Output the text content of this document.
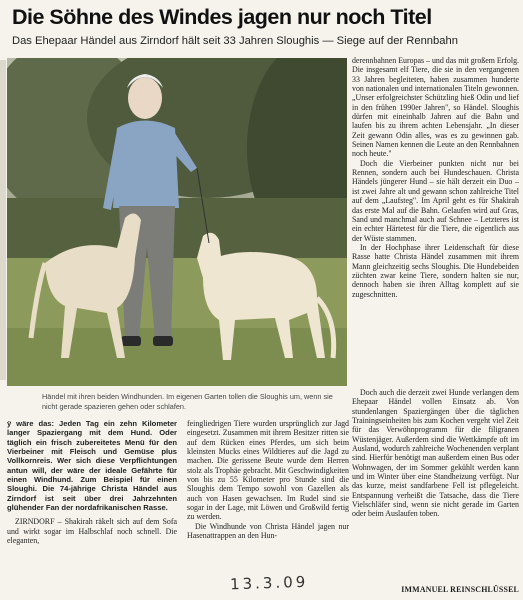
Die Söhne des Windes jagen nur noch Titel
Das Ehepaar Händel aus Zirndorf hält seit 33 Jahren Sloughis — Siege auf der Rennbahn
Händel mit ihren beiden Windhunden. Im eigenen Garten tollen die Sloughis um, wenn sie nicht gerade spazieren gehen oder schlafen.

derennbahnen Europas – und das mit großem Erfolg. Die insgesamt elf Tiere, die sie in den vergangenen 33 Jahren begleiteten, haben zusammen hunderte von nationalen und internationalen Titeln gewonnen. „Unser erfolgreichster Schützling hieß Odin und lief in den frühen 1990er Jahren", so Händel. Sloughis dürfen mit eineinhalb Jahren auf die Bahn und laufen bis zu ihrem achten Lebensjahr. „In dieser Zeit gewann Odin alles, was es zu gewinnen gab. Seinen Namen kennen die Leute an den Rennbahnen noch heute."

Doch die Vierbeiner punkten nicht nur bei Rennen, sondern auch bei Hundeschauen. Christa Händels jüngerer Hund – sie hält derzeit ein Duo – ist zwei Jahre alt und gewann schon zahlreiche Titel auf dem „Laufsteg". Im April geht es für Shakirah das erste Mal auf die Bahn. Gelaufen wird auf Gras, Sand und manchmal auch auf Schnee – Letzteres ist ein echter Härtetest für die Tiere, die eigentlich aus der Wüste stammen.

In der Hochphase ihrer Leidenschaft für diese Rasse hatte Christa Händel zusammen mit ihrem Mann gleichzeitig sechs Sloughis. Die Hundebeiden züchten zwar keine Tiere, sondern halten sie nur, dennoch haben sie ihren Alltag komplett auf sie zugeschnitten.

ÿ wäre das: Jeden Tag ein zehn Kilometer langer Spaziergang mit dem Hund. Oder täglich ein frisch zubereitetes Menü für den Vierbeiner mit Fleisch und Gemüse plus Vollkornreis. Wer sich diese Verpflichtungen antun will, der wäre der ideale Gefährte für einen Windhund. Zum Beispiel für einen Sloughi. Die 74-jährige Christa Händel aus Zirndorf ist seit über drei Jahrzehnten glühender Fan der nordafrikanischen Rasse.

ZIRNDORF – Shakirah räkelt sich auf dem Sofa und wirkt sogar im Halbschlaf noch schnell. Die eleganten,

feingliedrigen Tiere wurden ursprünglich zur Jagd eingesetzt. Zusammen mit ihrem Besitzer ritten sie auf dem Rücken eines Pferdes, um sich beim kleinsten Mucks eines Wildtieres auf die Jagd zu machen. Die gerissene Beute wurde dem Herren stolz als Trophäe gebracht. Mit Geschwindigkeiten von bis zu 55 Kilometer pro Stunde sind die Sloughis dem Tempo sowohl von Gazellen als auch von Hasen gewachsen. Im Rudel sind sie sogar in der Lage, mit Löwen und Großwild fertig zu werden.

Die Windhunde von Christa Händel jagen nur Hasenattrappen an den Hun-

Doch auch die derzeit zwei Hunde verlangen dem Ehepaar Händel vollen Einsatz ab. Von stundenlangen Spaziergängen über die täglichen Trainingseinheiten bis zum Kochen vergeht viel Zeit für das Verwöhnprogramm für die filigranen Wüstenjäger. Außerdem sind die Wettkämpfe oft im Ausland, wodurch zahlreiche Wochenenden verplant sind. Hierfür benötigt man außerdem einen Bus oder Wohnwagen, der im Sommer gekühlt werden kann und im Winter über eine Standheizung verfügt. Nur das kurze, meist sandfarbene Fell ist pflegeleicht. Entspannung verheißt die Tatsache, dass die Tiere Vielschläfer sind, wenn sie nicht gerade im Garten oder beim Auslaufen toben.

IMMANUEL REINSCHLÜSSEL
13.3.09
